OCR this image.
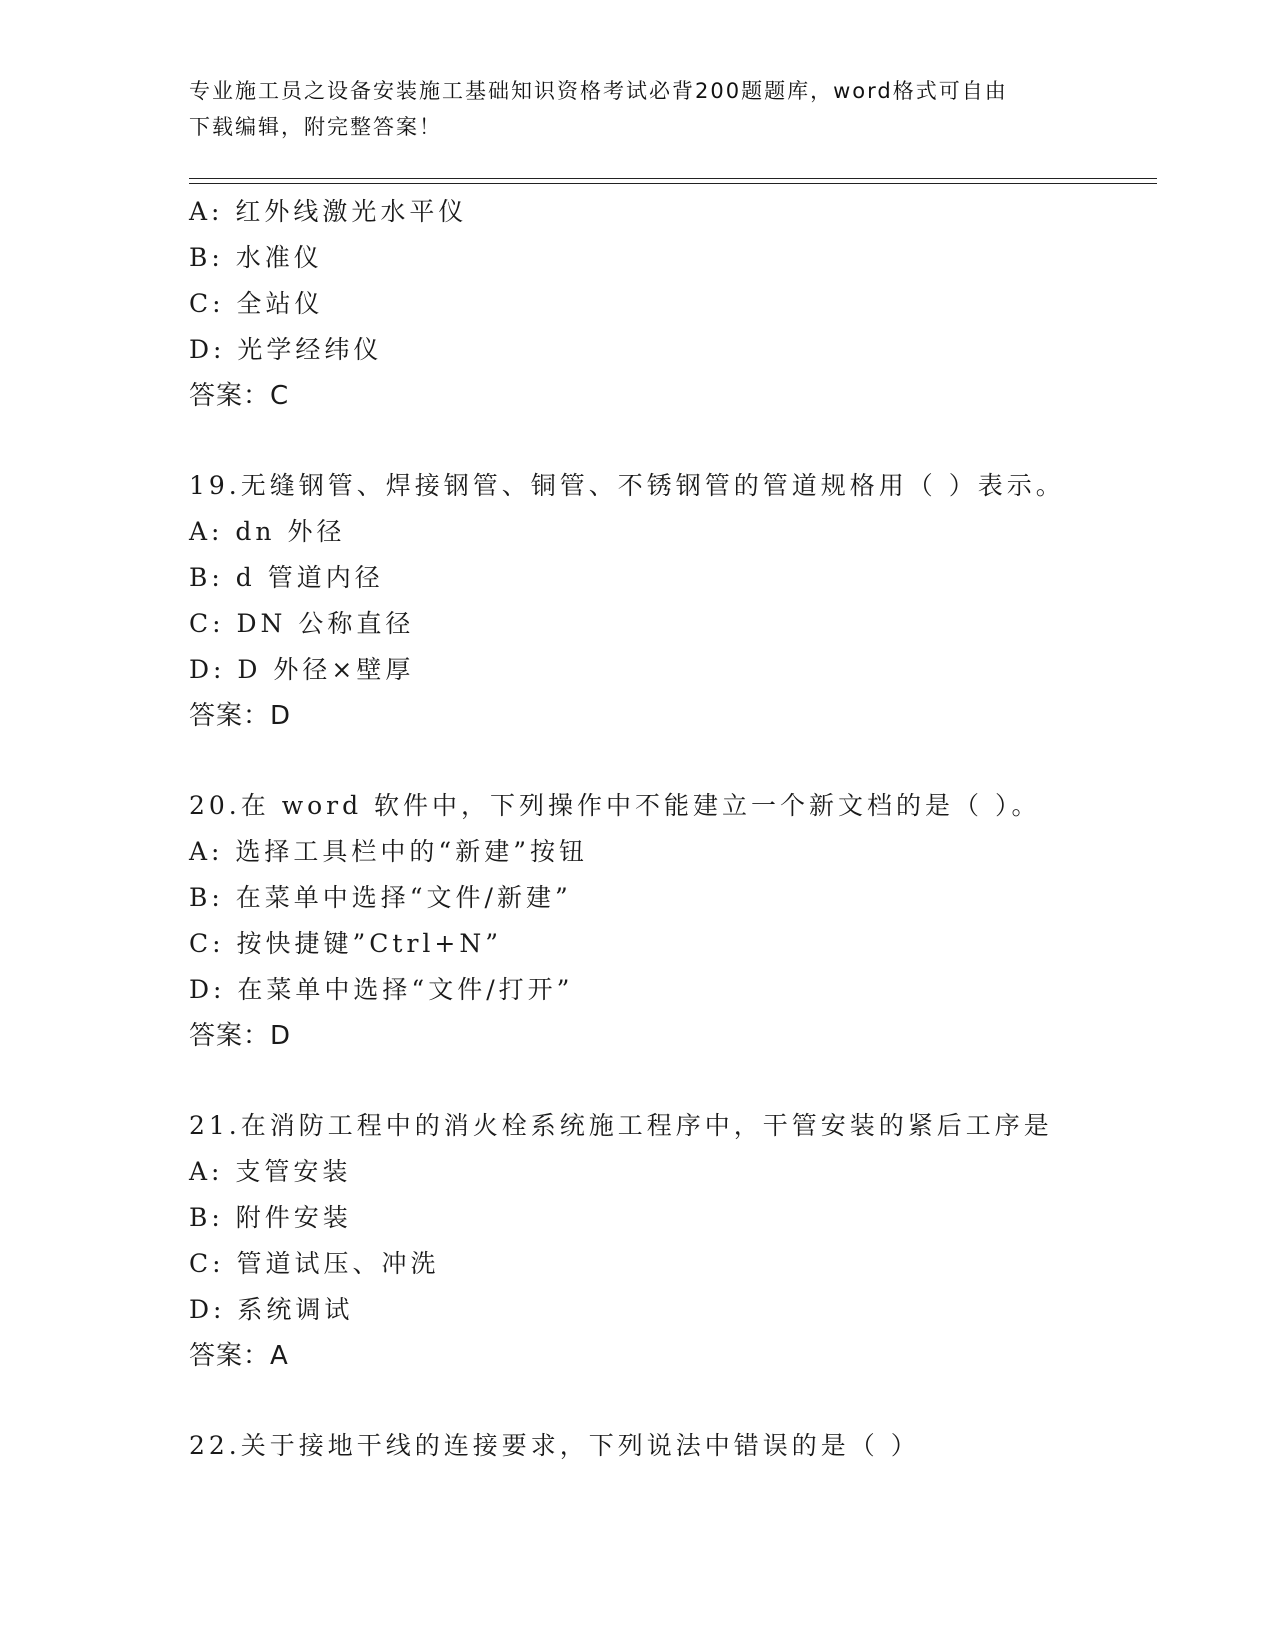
专业施工员之设备安装施工基础知识资格考试必背200题题库，word格式可自由
下载编辑，附完整答案！
A: 红外线激光水平仪
B: 水准仪
C: 全站仪
D: 光学经纬仪
答案：C
19.无缝钢管、焊接钢管、铜管、不锈钢管的管道规格用（ ）表示。
A: dn 外径
B: d 管道内径
C: DN 公称直径
D: D 外径×壁厚
答案：D
20.在 word 软件中，下列操作中不能建立一个新文档的是（ ）。
A: 选择工具栏中的“新建”按钮
B: 在菜单中选择“文件/新建”
C: 按快捷键”Ctrl+N”
D: 在菜单中选择“文件/打开”
答案：D
21.在消防工程中的消火栓系统施工程序中，干管安装的紧后工序是
A: 支管安装
B: 附件安装
C: 管道试压、冲洗
D: 系统调试
答案：A
22.关于接地干线的连接要求，下列说法中错误的是（ ）
